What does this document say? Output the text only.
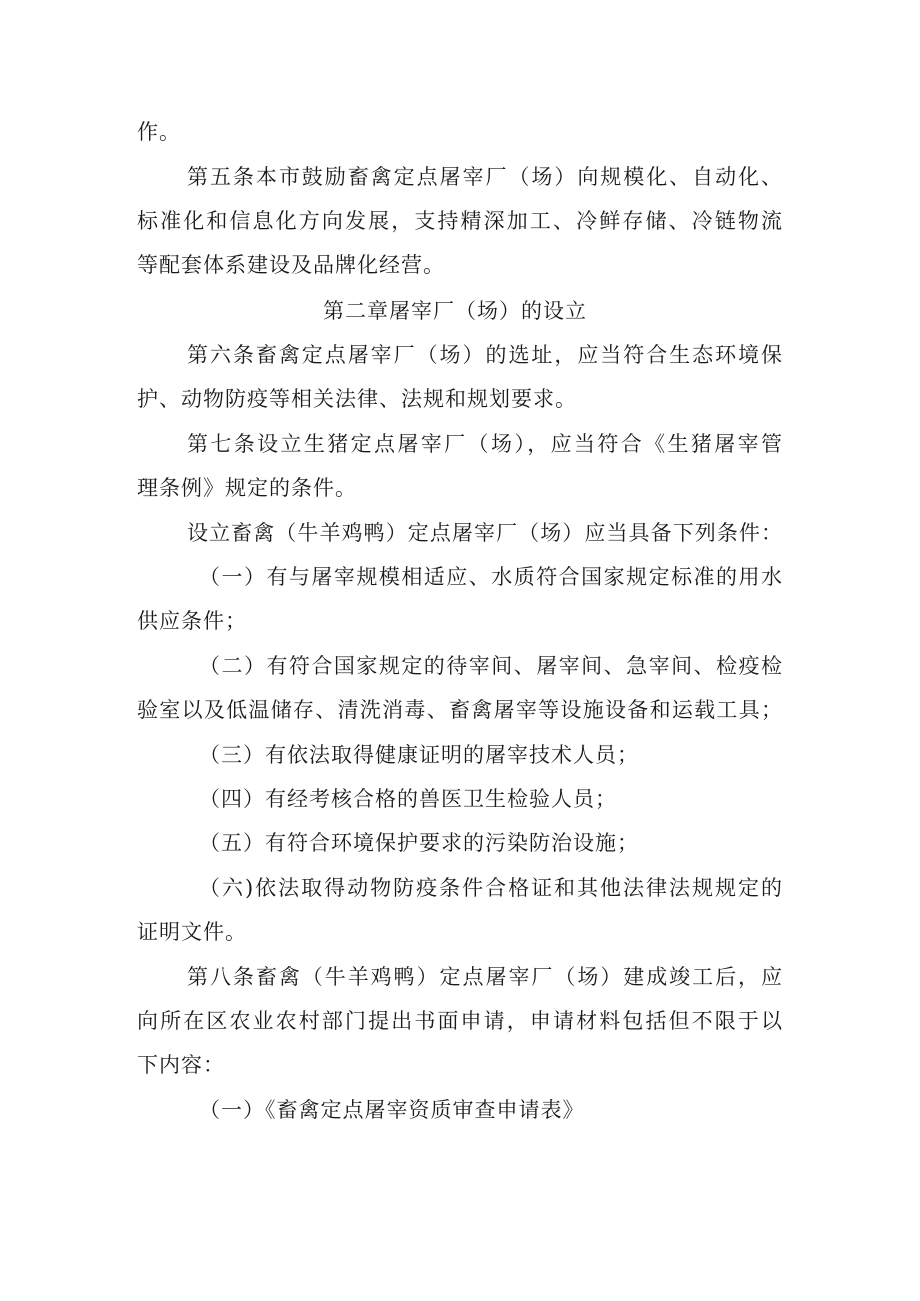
作。
第五条本市鼓励畜禽定点屠宰厂（场）向规模化、自动化、
标准化和信息化方向发展，支持精深加工、冷鲜存储、冷链物流
等配套体系建设及品牌化经营。
第二章屠宰厂（场）的设立
第六条畜禽定点屠宰厂（场）的选址，应当符合生态环境保
护、动物防疫等相关法律、法规和规划要求。
第七条设立生猪定点屠宰厂（场），应当符合《生猪屠宰管
理条例》规定的条件。
设立畜禽（牛羊鸡鸭）定点屠宰厂（场）应当具备下列条件：
（一）有与屠宰规模相适应、水质符合国家规定标准的用水
供应条件；
（二）有符合国家规定的待宰间、屠宰间、急宰间、检疫检
验室以及低温储存、清洗消毒、畜禽屠宰等设施设备和运载工具；
（三）有依法取得健康证明的屠宰技术人员；
（四）有经考核合格的兽医卫生检验人员；
（五）有符合环境保护要求的污染防治设施；
（六)依法取得动物防疫条件合格证和其他法律法规规定的
证明文件。
第八条畜禽（牛羊鸡鸭）定点屠宰厂（场）建成竣工后，应
向所在区农业农村部门提出书面申请，申请材料包括但不限于以
下内容：
（一）《畜禽定点屠宰资质审查申请表》
